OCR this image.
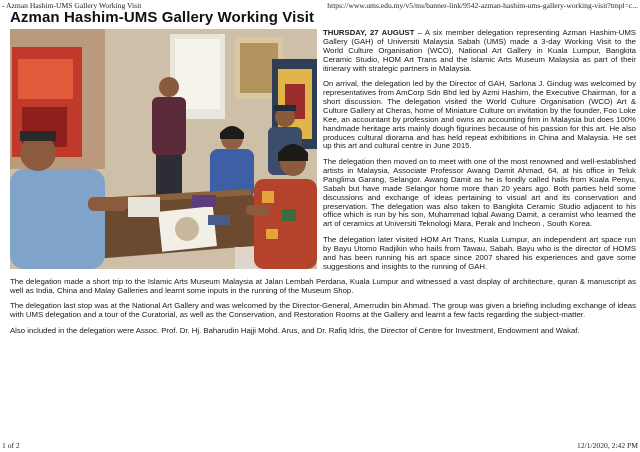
- Azman Hashim-UMS Gallery Working Visit	https://www.ums.edu.my/v5/ms/banner-link/9542-azman-hashim-ums-gallery-working-visit?tmpl=c...
Azman Hashim-UMS Gallery Working Visit

THURSDAY, 27 AUGUST – A six member delegation representing Azman Hashim-UMS Gallery (GAH) of Universiti Malaysia Sabah (UMS) made a 3-day Working Visit to the World Culture Organisation (WCO), National Art Gallery in Kuala Lumpur, Bangkita Ceramic Studio, HOM Art Trans and the Islamic Arts Museum Malaysia as part of their itinerary with strategic partners in Malaysia.

On arrival, the delegation led by the Director of GAH, Sarlona J. Gindug was welcomed by representatives from AmCorp Sdn Bhd led by Azmi Hashim, the Executive Chairman, for a short discussion. The delegation visited the World Culture Organisation (WCO) Art & Culture Gallery at Cheras, home of Miniature Culture on invitation by the founder, Foo Loke Kee, an accountant by profession and owns an accounting firm in Malaysia but does 100% handmade heritage arts mainly dough figurines because of his passion for this art. He also produces cultural diorama and has held repeat exhibitions in China and Malaysia. He set up this art and cultural centre in June 2015.

The delegation then moved on to meet with one of the most renowned and well-established artists in Malaysia, Associate Professor Awang Damit Ahmad, 64, at his office in Teluk Panglima Garang, Selangor. Awang Damit as he is fondly called hails from Kuala Penyu, Sabah but have made Selangor home more than 20 years ago. Both parties held some discussions and exchange of ideas pertaining to visual art and its conservation and preservation. The delegation was also taken to Bangkita Ceramic Studio adjacent to his office which is run by his son, Muhammad Iqbal Awang Damit, a ceramist who learned the art of ceramics at Universiti Teknologi Mara, Perak and Incheon , South Korea.

The delegation later visited HOM Art Trans, Kuala Lumpur, an independent art space run by Bayu Utomo Radjikin who hails from Tawau, Sabah. Bayu who is the director of HOMS and has been running his art space since 2007 shared his experiences and gave some suggestions and insights to the running of GAH.

The delegation made a short trip to the Islamic Arts Museum Malaysia at Jalan Lembah Perdana, Kuala Lumpur and witnessed a vast display of architecture, quran & manuscript as well as India, China and Malay Galleries and learnt some inputs in the running of the Museum Shop.

The delegation last stop was at the National Art Gallery and was welcomed by the Director-General, Amerrudin bin Ahmad. The group was given a briefing including exchange of ideas with UMS delegation and a tour of the Curatorial, as well as the Conservation, and Restoration Rooms at the Gallery and learnt a few facts regarding the subject-matter.

Also included in the delegation were Assoc. Prof. Dr. Hj. Baharudin Hajji Mohd. Arus, and Dr. Rafiq Idris, the Director of Centre for Investment, Endowment and Wakaf.

1 of 2	12/1/2020, 2:42 PM
